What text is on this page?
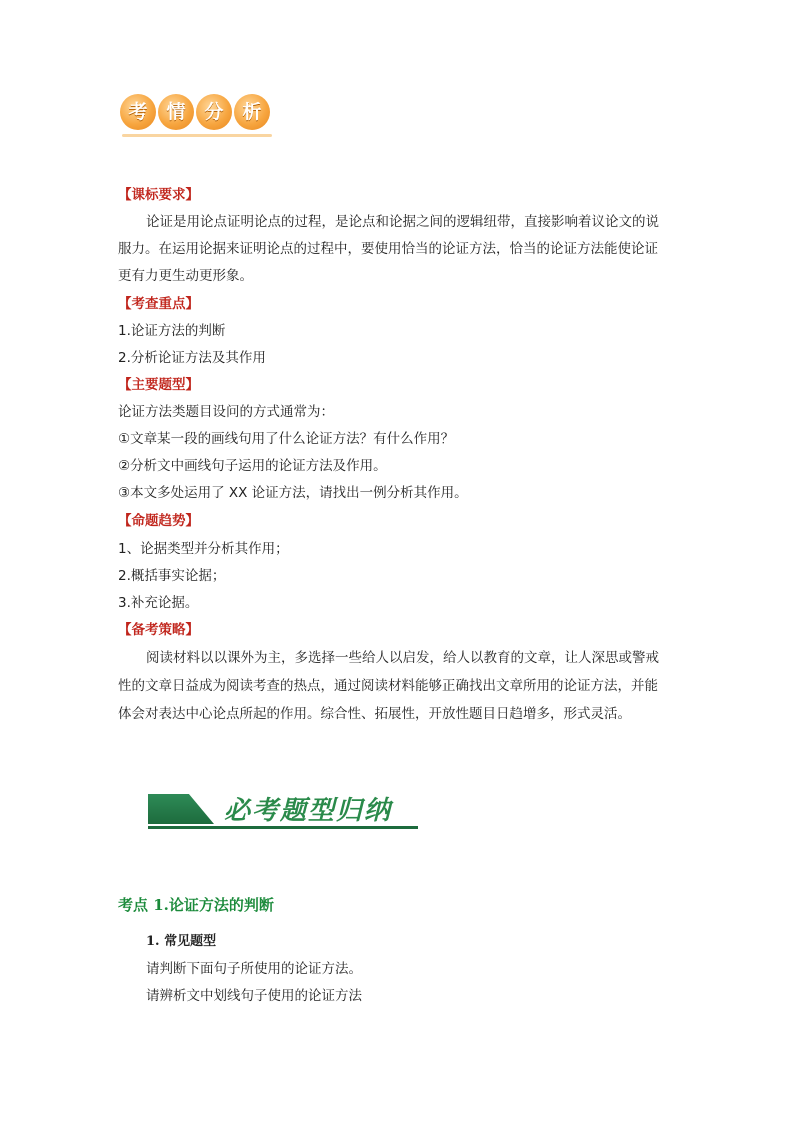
考 情 分 析
【课标要求】
论证是用论点证明论点的过程，是论点和论据之间的逻辑纽带，直接影响着议论文的说
服力。在运用论据来证明论点的过程中，要使用恰当的论证方法，恰当的论证方法能使论证
更有力更生动更形象。
【考查重点】
1.论证方法的判断
2.分析论证方法及其作用
【主要题型】
论证方法类题目设问的方式通常为：
①文章某一段的画线句用了什么论证方法？有什么作用？
②分析文中画线句子运用的论证方法及作用。
③本文多处运用了 XX 论证方法，请找出一例分析其作用。
【命题趋势】
1、论据类型并分析其作用；
2.概括事实论据；
3.补充论据。
【备考策略】
阅读材料以以课外为主，多选择一些给人以启发，给人以教育的文章，让人深思或警戒
性的文章日益成为阅读考查的热点，通过阅读材料能够正确找出文章所用的论证方法，并能
体会对表达中心论点所起的作用。综合性、拓展性，开放性题目日趋增多，形式灵活。
必考题型归纳
考点 1.论证方法的判断
1. 常见题型
请判断下面句子所使用的论证方法。
请辨析文中划线句子使用的论证方法
